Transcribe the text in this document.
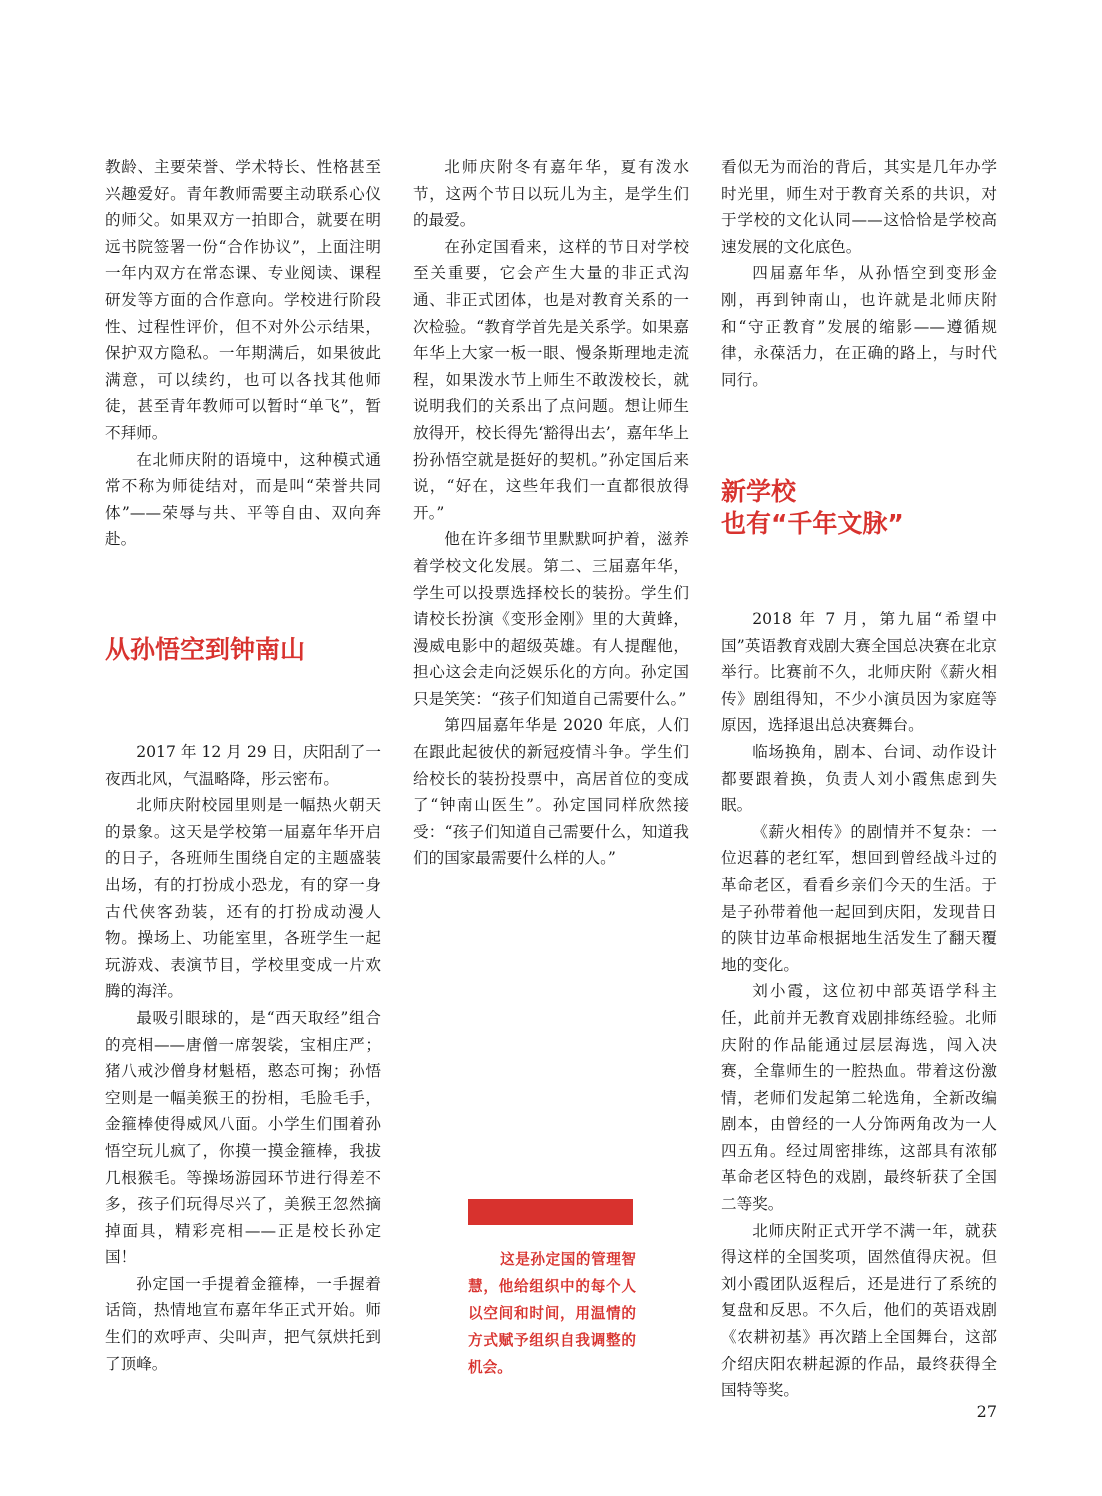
教龄、主要荣誉、学术特长、性格甚至兴趣爱好。青年教师需要主动联系心仪的师父。如果双方一拍即合，就要在明远书院签署一份“合作协议”，上面注明一年内双方在常态课、专业阅读、课程研发等方面的合作意向。学校进行阶段性、过程性评价，但不对外公示结果，保护双方隐私。一年期满后，如果彼此满意，可以续约，也可以各找其他师徒，甚至青年教师可以暂时“单飞”，暂不拜师。

在北师庆附的语境中，这种模式通常不称为师徒结对，而是叫“荣誉共同体”——荣辱与共、平等自由、双向奔赴。

从孙悟空到钟南山

2017 年 12 月 29 日，庆阳刮了一夜西北风，气温略降，彤云密布。

北师庆附校园里则是一幅热火朝天的景象。这天是学校第一届嘉年华开启的日子，各班师生围绕自定的主题盛装出场，有的打扮成小恐龙，有的穿一身古代侠客劲装，还有的打扮成动漫人物。操场上、功能室里，各班学生一起玩游戏、表演节目，学校里变成一片欢腾的海洋。

最吸引眼球的，是“西天取经”组合的亮相——唐僧一席袈裟，宝相庄严；猪八戒沙僧身材魁梧，憨态可掬；孙悟空则是一幅美猴王的扮相，毛脸毛手，金箍棒使得威风八面。小学生们围着孙悟空玩儿疯了，你摸一摸金箍棒，我拔几根猴毛。等操场游园环节进行得差不多，孩子们玩得尽兴了，美猴王忽然摘掉面具，精彩亮相——正是校长孙定国！

孙定国一手提着金箍棒，一手握着话筒，热情地宣布嘉年华正式开始。师生们的欢呼声、尖叫声，把气氛烘托到了顶峰。

北师庆附冬有嘉年华，夏有泼水节，这两个节日以玩儿为主，是学生们的最爱。

在孙定国看来，这样的节日对学校至关重要，它会产生大量的非正式沟通、非正式团体，也是对教育关系的一次检验。“教育学首先是关系学。如果嘉年华上大家一板一眼、慢条斯理地走流程，如果泼水节上师生不敢泼校长，就说明我们的关系出了点问题。想让师生放得开，校长得先‘豁得出去’，嘉年华上扮孙悟空就是挺好的契机。”孙定国后来说，“好在，这些年我们一直都很放得开。”

他在许多细节里默默呵护着，滋养着学校文化发展。第二、三届嘉年华，学生可以投票选择校长的装扮。学生们请校长扮演《变形金刚》里的大黄蜂，漫威电影中的超级英雄。有人提醒他，担心这会走向泛娱乐化的方向。孙定国只是笑笑：“孩子们知道自己需要什么。”

第四届嘉年华是 2020 年底，人们在跟此起彼伏的新冠疫情斗争。学生们给校长的装扮投票中，高居首位的变成了“钟南山医生”。孙定国同样欣然接受：“孩子们知道自己需要什么，知道我们的国家最需要什么样的人。”

这是孙定国的管理智慧，他给组织中的每个人以空间和时间，用温情的方式赋予组织自我调整的机会。

看似无为而治的背后，其实是几年办学时光里，师生对于教育关系的共识，对于学校的文化认同——这恰恰是学校高速发展的文化底色。

四届嘉年华，从孙悟空到变形金刚，再到钟南山，也许就是北师庆附和“守正教育”发展的缩影——遵循规律，永葆活力，在正确的路上，与时代同行。

新学校
也有“千年文脉”

2018 年 7 月，第九届“希望中国”英语教育戏剧大赛全国总决赛在北京举行。比赛前不久，北师庆附《薪火相传》剧组得知，不少小演员因为家庭等原因，选择退出总决赛舞台。

临场换角，剧本、台词、动作设计都要跟着换，负责人刘小霞焦虑到失眠。

《薪火相传》的剧情并不复杂：一位迟暮的老红军，想回到曾经战斗过的革命老区，看看乡亲们今天的生活。于是子孙带着他一起回到庆阳，发现昔日的陕甘边革命根据地生活发生了翻天覆地的变化。

刘小霞，这位初中部英语学科主任，此前并无教育戏剧排练经验。北师庆附的作品能通过层层海选，闯入决赛，全靠师生的一腔热血。带着这份激情，老师们发起第二轮选角，全新改编剧本，由曾经的一人分饰两角改为一人四五角。经过周密排练，这部具有浓郁革命老区特色的戏剧，最终斩获了全国二等奖。

北师庆附正式开学不满一年，就获得这样的全国奖项，固然值得庆祝。但刘小霞团队返程后，还是进行了系统的复盘和反思。不久后，他们的英语戏剧《农耕初基》再次踏上全国舞台，这部介绍庆阳农耕起源的作品，最终获得全国特等奖。

27
